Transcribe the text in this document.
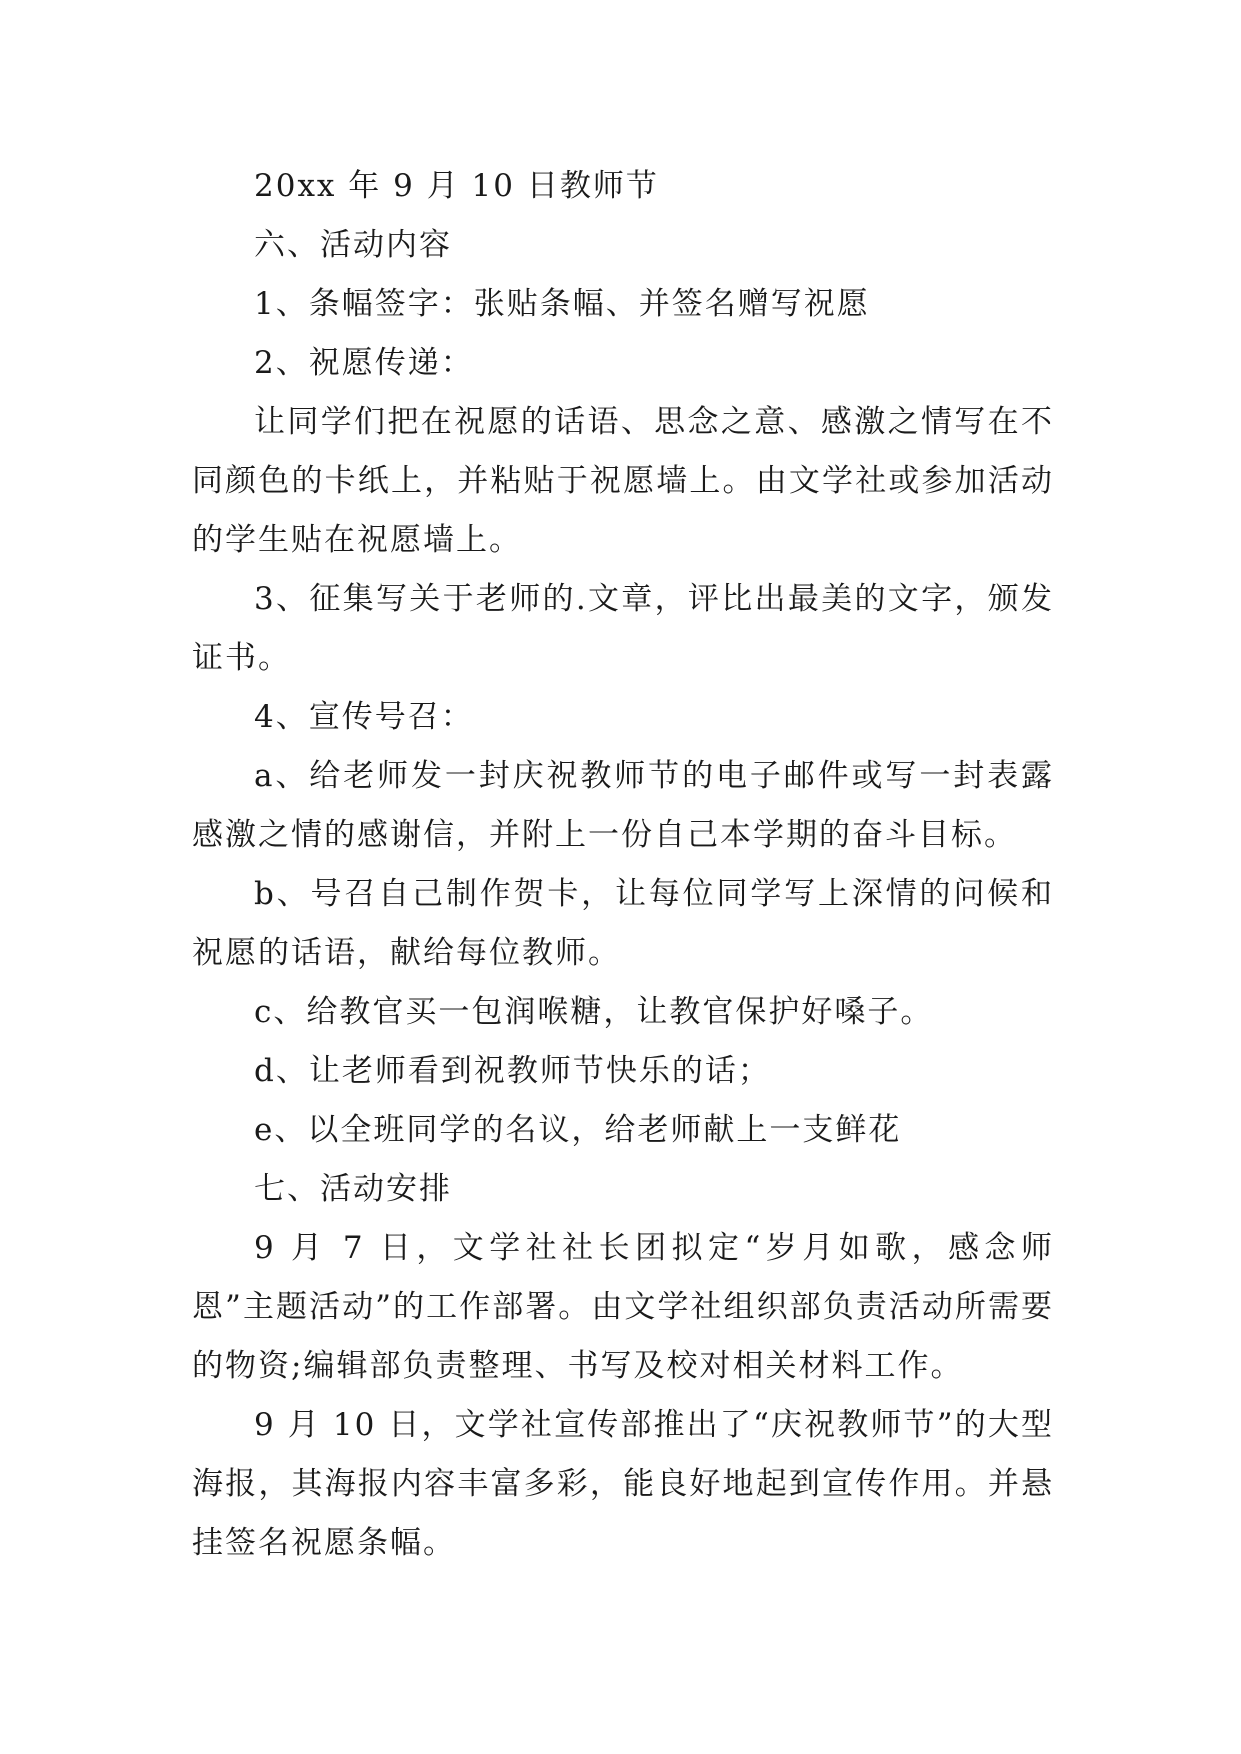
20xx 年 9 月 10 日教师节

六、活动内容

1、条幅签字：张贴条幅、并签名赠写祝愿

2、祝愿传递：

让同学们把在祝愿的话语、思念之意、感激之情写在不同颜色的卡纸上，并粘贴于祝愿墙上。由文学社或参加活动的学生贴在祝愿墙上。

3、征集写关于老师的.文章，评比出最美的文字，颁发证书。

4、宣传号召：

a、给老师发一封庆祝教师节的电子邮件或写一封表露感激之情的感谢信，并附上一份自己本学期的奋斗目标。

b、号召自己制作贺卡，让每位同学写上深情的问候和祝愿的话语，献给每位教师。

c、给教官买一包润喉糖，让教官保护好嗓子。

d、让老师看到祝教师节快乐的话；

e、以全班同学的名议，给老师献上一支鲜花

七、活动安排

9 月 7 日，文学社社长团拟定“岁月如歌，感念师恩”主题活动”的工作部署。由文学社组织部负责活动所需要的物资;编辑部负责整理、书写及校对相关材料工作。

9 月 10 日，文学社宣传部推出了“庆祝教师节”的大型海报，其海报内容丰富多彩，能良好地起到宣传作用。并悬挂签名祝愿条幅。
